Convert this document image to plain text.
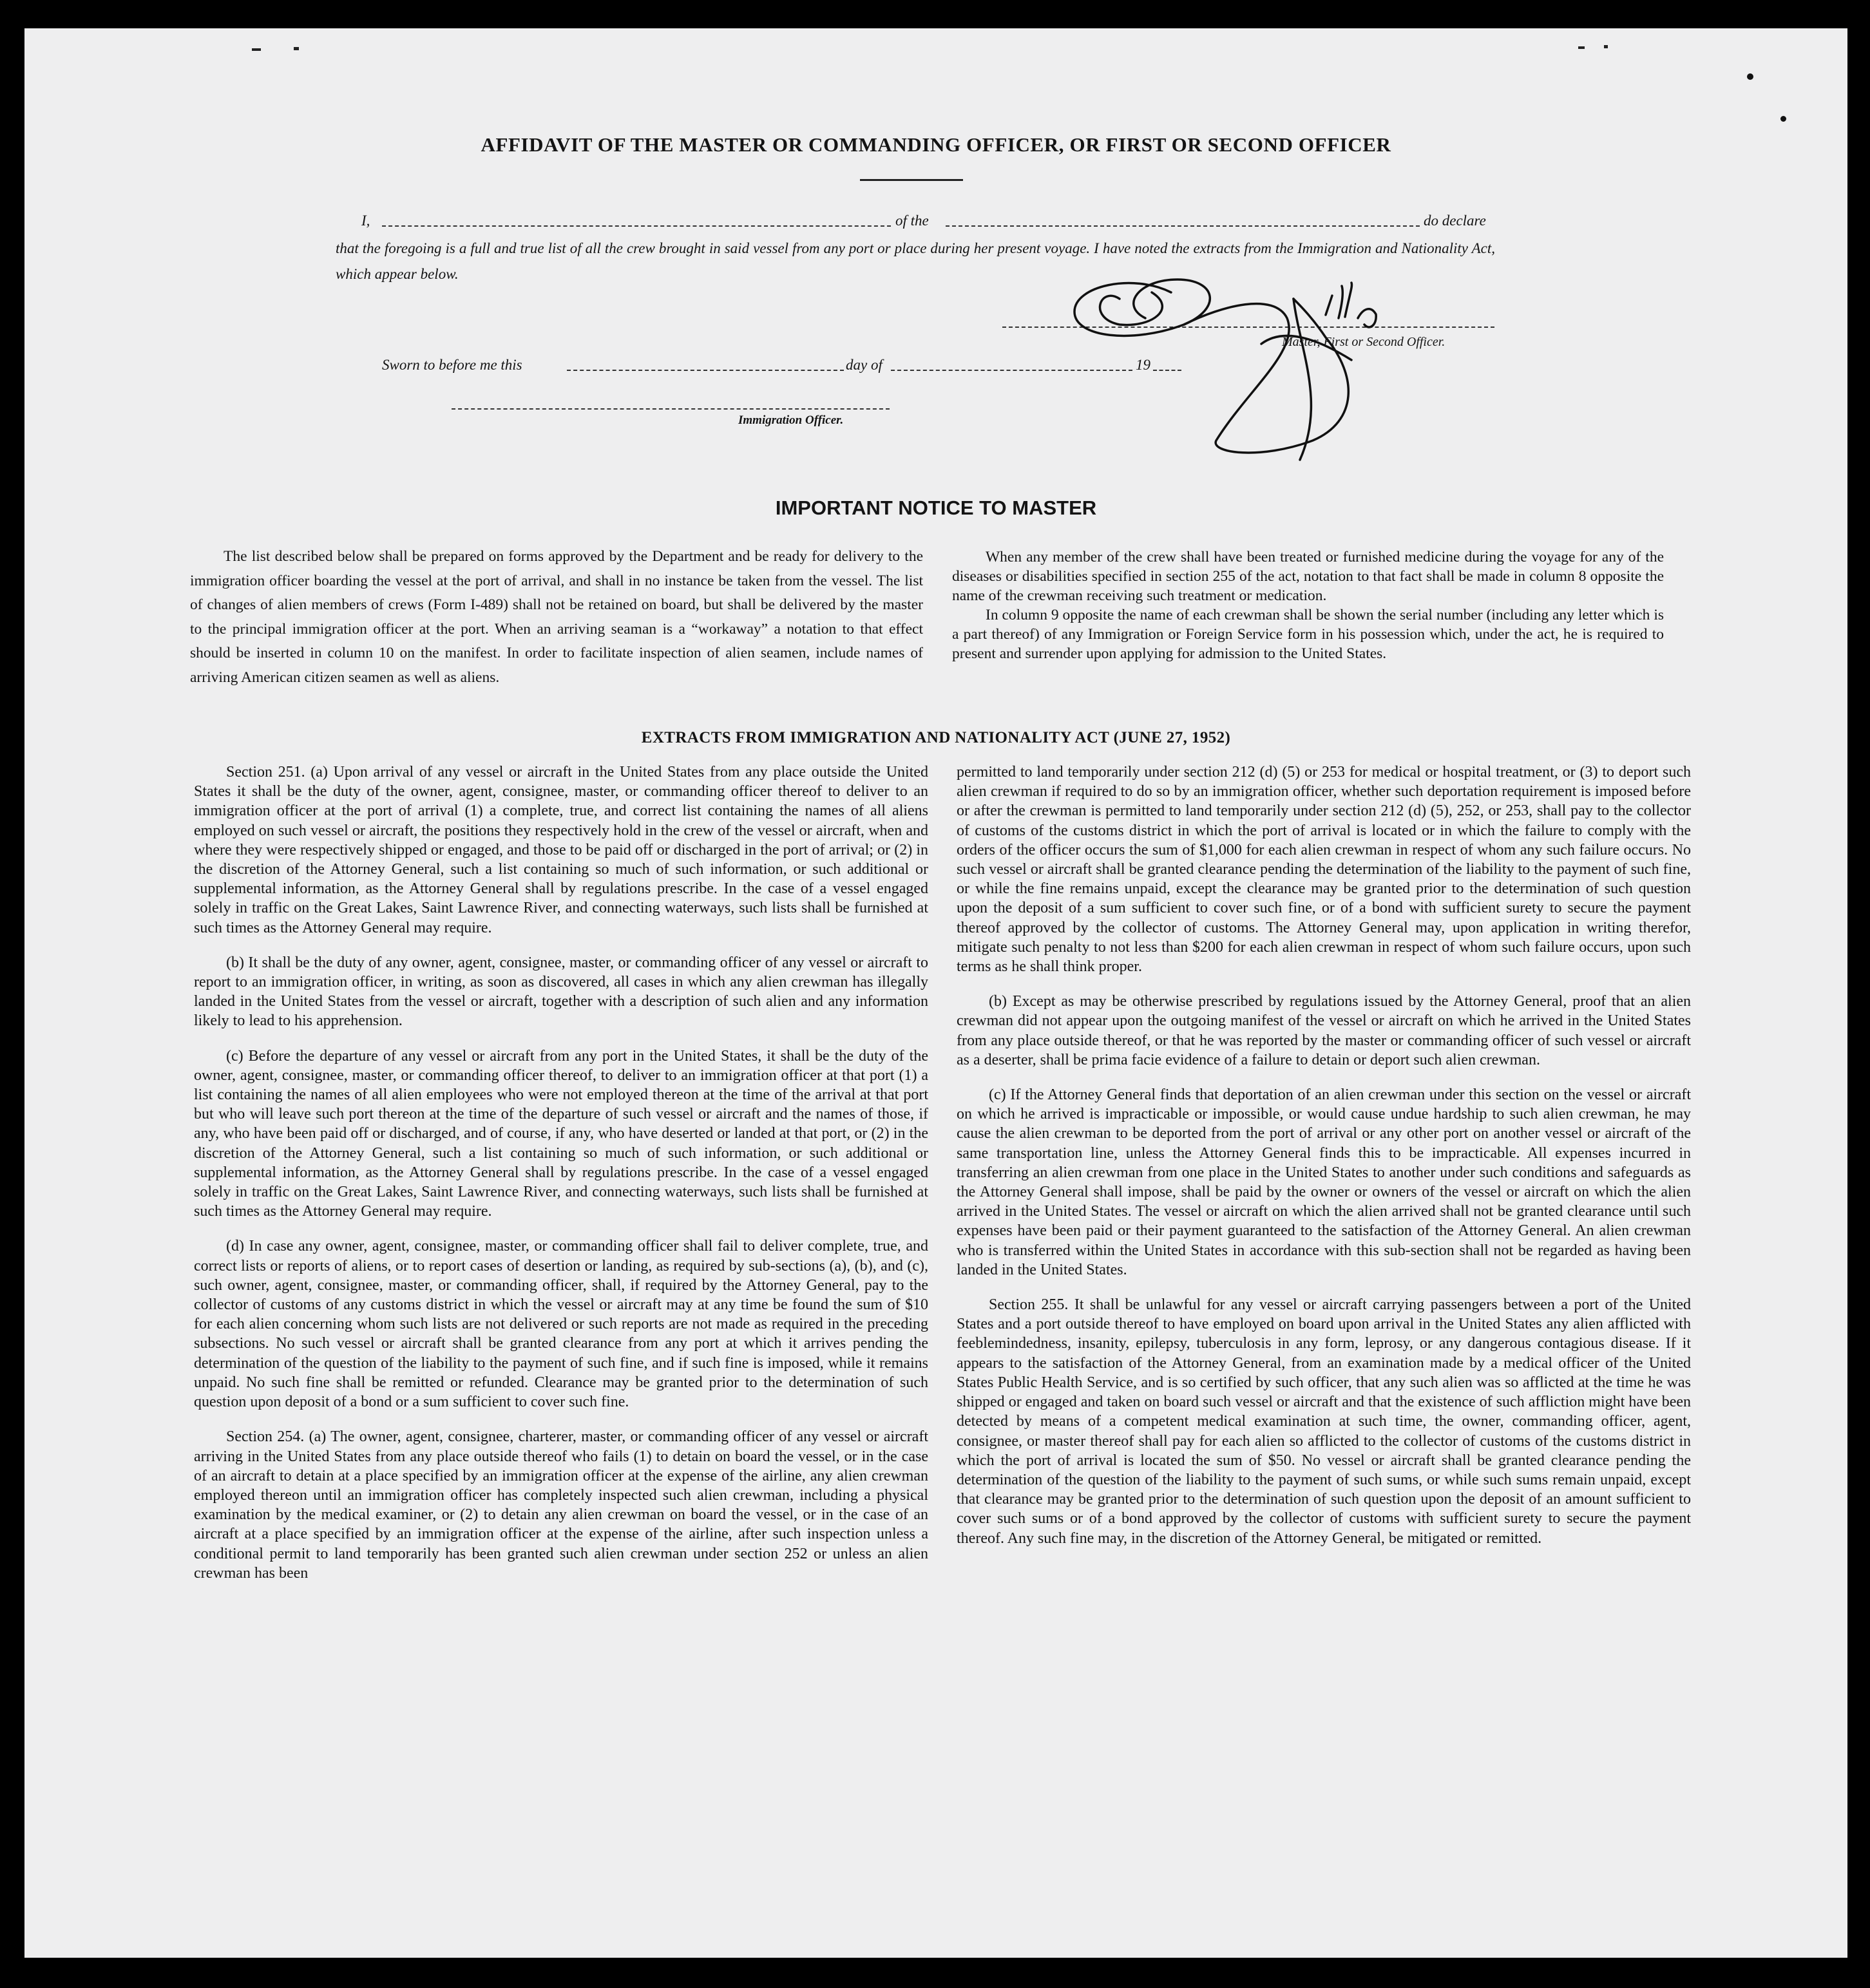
AFFIDAVIT OF THE MASTER OR COMMANDING OFFICER, OR FIRST OR SECOND OFFICER
I,	of the	do declare
that the foregoing is a full and true list of all the crew brought in said vessel from any port or place during her present voyage. I have noted the extracts from the Immigration and Nationality Act, which appear below.
Master, First or Second Officer.
Sworn to before me this	day of	19
Immigration Officer.
IMPORTANT NOTICE TO MASTER

The list described below shall be prepared on forms approved by the Department and be ready for delivery to the immigration officer boarding the vessel at the port of arrival, and shall in no instance be taken from the vessel. The list of changes of alien members of crews (Form I-489) shall not be retained on board, but shall be delivered by the master to the principal immigration officer at the port. When an arriving seaman is a “workaway” a notation to that effect should be inserted in column 10 on the manifest. In order to facilitate inspection of alien seamen, include names of arriving American citizen seamen as well as aliens.

When any member of the crew shall have been treated or furnished medicine during the voyage for any of the diseases or disabilities specified in section 255 of the act, notation to that fact shall be made in column 8 opposite the name of the crewman receiving such treatment or medication.

In column 9 opposite the name of each crewman shall be shown the serial number (including any letter which is a part thereof) of any Immigration or Foreign Service form in his possession which, under the act, he is required to present and surrender upon applying for admission to the United States.

EXTRACTS FROM IMMIGRATION AND NATIONALITY ACT (JUNE 27, 1952)

Section 251. (a) Upon arrival of any vessel or aircraft in the United States from any place outside the United States it shall be the duty of the owner, agent, consignee, master, or commanding officer thereof to deliver to an immigration officer at the port of arrival (1) a complete, true, and correct list containing the names of all aliens employed on such vessel or aircraft, the positions they respectively hold in the crew of the vessel or aircraft, when and where they were respectively shipped or engaged, and those to be paid off or discharged in the port of arrival; or (2) in the discretion of the Attorney General, such a list containing so much of such information, or such additional or supplemental information, as the Attorney General shall by regulations prescribe. In the case of a vessel engaged solely in traffic on the Great Lakes, Saint Lawrence River, and connecting waterways, such lists shall be furnished at such times as the Attorney General may require.

(b) It shall be the duty of any owner, agent, consignee, master, or commanding officer of any vessel or aircraft to report to an immigration officer, in writing, as soon as discovered, all cases in which any alien crewman has illegally landed in the United States from the vessel or aircraft, together with a description of such alien and any information likely to lead to his apprehension.

(c) Before the departure of any vessel or aircraft from any port in the United States, it shall be the duty of the owner, agent, consignee, master, or commanding officer thereof, to deliver to an immigration officer at that port (1) a list containing the names of all alien employees who were not employed thereon at the time of the arrival at that port but who will leave such port thereon at the time of the departure of such vessel or aircraft and the names of those, if any, who have been paid off or discharged, and of course, if any, who have deserted or landed at that port, or (2) in the discretion of the Attorney General, such a list containing so much of such information, or such additional or supplemental information, as the Attorney General shall by regulations prescribe. In the case of a vessel engaged solely in traffic on the Great Lakes, Saint Lawrence River, and connecting waterways, such lists shall be furnished at such times as the Attorney General may require.

(d) In case any owner, agent, consignee, master, or commanding officer shall fail to deliver complete, true, and correct lists or reports of aliens, or to report cases of desertion or landing, as required by sub-sections (a), (b), and (c), such owner, agent, consignee, master, or commanding officer, shall, if required by the Attorney General, pay to the collector of customs of any customs district in which the vessel or aircraft may at any time be found the sum of $10 for each alien concerning whom such lists are not delivered or such reports are not made as required in the preceding subsections. No such vessel or aircraft shall be granted clearance from any port at which it arrives pending the determination of the question of the liability to the payment of such fine, and if such fine is imposed, while it remains unpaid. No such fine shall be remitted or refunded. Clearance may be granted prior to the determination of such question upon deposit of a bond or a sum sufficient to cover such fine.

Section 254. (a) The owner, agent, consignee, charterer, master, or commanding officer of any vessel or aircraft arriving in the United States from any place outside thereof who fails (1) to detain on board the vessel, or in the case of an aircraft to detain at a place specified by an immigration officer at the expense of the airline, any alien crewman employed thereon until an immigration officer has completely inspected such alien crewman, including a physical examination by the medical examiner, or (2) to detain any alien crewman on board the vessel, or in the case of an aircraft at a place specified by an immigration officer at the expense of the airline, after such inspection unless a conditional permit to land temporarily has been granted such alien crewman under section 252 or unless an alien crewman has been

permitted to land temporarily under section 212 (d) (5) or 253 for medical or hospital treatment, or (3) to deport such alien crewman if required to do so by an immigration officer, whether such deportation requirement is imposed before or after the crewman is permitted to land temporarily under section 212 (d) (5), 252, or 253, shall pay to the collector of customs of the customs district in which the port of arrival is located or in which the failure to comply with the orders of the officer occurs the sum of $1,000 for each alien crewman in respect of whom any such failure occurs. No such vessel or aircraft shall be granted clearance pending the determination of the liability to the payment of such fine, or while the fine remains unpaid, except the clearance may be granted prior to the determination of such question upon the deposit of a sum sufficient to cover such fine, or of a bond with sufficient surety to secure the payment thereof approved by the collector of customs. The Attorney General may, upon application in writing therefor, mitigate such penalty to not less than $200 for each alien crewman in respect of whom such failure occurs, upon such terms as he shall think proper.

(b) Except as may be otherwise prescribed by regulations issued by the Attorney General, proof that an alien crewman did not appear upon the outgoing manifest of the vessel or aircraft on which he arrived in the United States from any place outside thereof, or that he was reported by the master or commanding officer of such vessel or aircraft as a deserter, shall be prima facie evidence of a failure to detain or deport such alien crewman.

(c) If the Attorney General finds that deportation of an alien crewman under this section on the vessel or aircraft on which he arrived is impracticable or impossible, or would cause undue hardship to such alien crewman, he may cause the alien crewman to be deported from the port of arrival or any other port on another vessel or aircraft of the same transportation line, unless the Attorney General finds this to be impracticable. All expenses incurred in transferring an alien crewman from one place in the United States to another under such conditions and safeguards as the Attorney General shall impose, shall be paid by the owner or owners of the vessel or aircraft on which the alien arrived in the United States. The vessel or aircraft on which the alien arrived shall not be granted clearance until such expenses have been paid or their payment guaranteed to the satisfaction of the Attorney General. An alien crewman who is transferred within the United States in accordance with this sub-section shall not be regarded as having been landed in the United States.

Section 255. It shall be unlawful for any vessel or aircraft carrying passengers between a port of the United States and a port outside thereof to have employed on board upon arrival in the United States any alien afflicted with feeblemindedness, insanity, epilepsy, tuberculosis in any form, leprosy, or any dangerous contagious disease. If it appears to the satisfaction of the Attorney General, from an examination made by a medical officer of the United States Public Health Service, and is so certified by such officer, that any such alien was so afflicted at the time he was shipped or engaged and taken on board such vessel or aircraft and that the existence of such affliction might have been detected by means of a competent medical examination at such time, the owner, commanding officer, agent, consignee, or master thereof shall pay for each alien so afflicted to the collector of customs of the customs district in which the port of arrival is located the sum of $50. No vessel or aircraft shall be granted clearance pending the determination of the question of the liability to the payment of such sums, or while such sums remain unpaid, except that clearance may be granted prior to the determination of such question upon the deposit of an amount sufficient to cover such sums or of a bond approved by the collector of customs with sufficient surety to secure the payment thereof. Any such fine may, in the discretion of the Attorney General, be mitigated or remitted.
